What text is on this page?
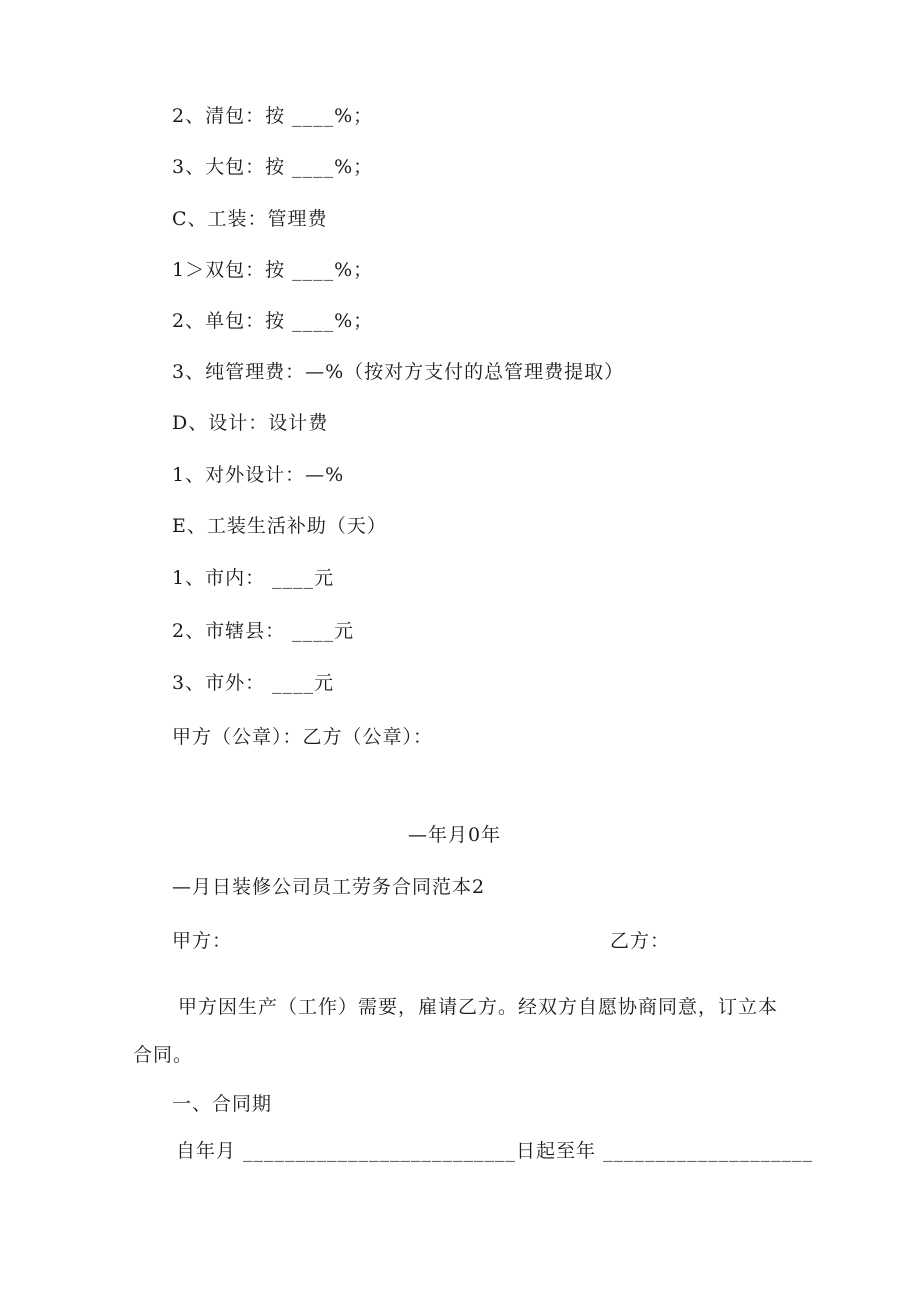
2、清包：按 ____%；
3、大包：按 ____%；
C、工装：管理费
1＞双包：按 ____%；
2、单包：按 ____%；
3、纯管理费：—%（按对方支付的总管理费提取）
D、设计：设计费
1、对外设计：—%
E、工装生活补助（天）
1、市内： ____元
2、市辖县： ____元
3、市外： ____元
甲方（公章）：乙方（公章）：
—年月0年
—月日装修公司员工劳务合同范本2
甲方：	乙方：
甲方因生产（工作）需要，雇请乙方。经双方自愿协商同意，订立本
合同。
一、合同期
自年月 __________________________日起至年 ____________________
